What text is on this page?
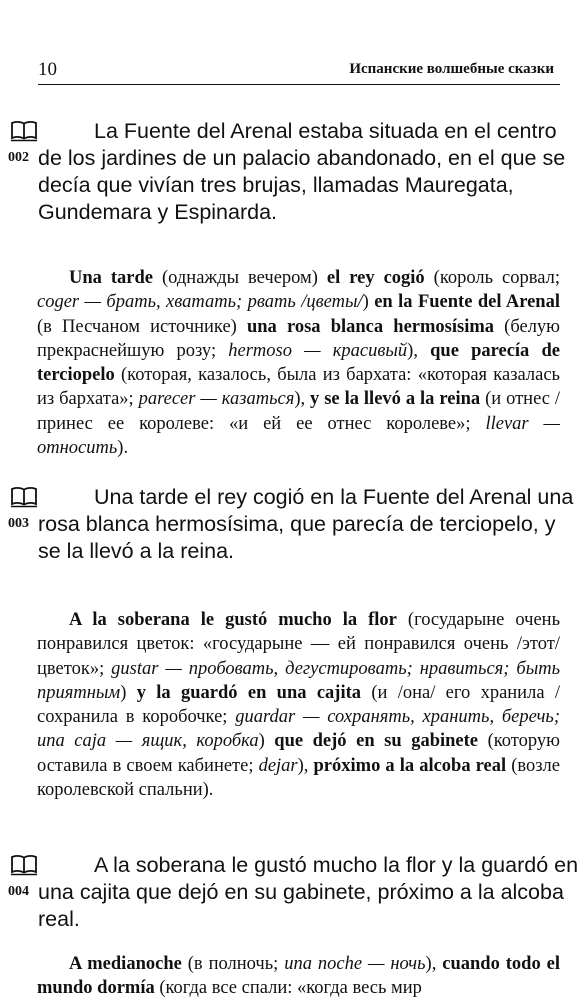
10	Испанские волшебные сказки
002

La Fuente del Arenal estaba situada en el centro de los jardines de un palacio abandonado, en el que se decía que vivían tres brujas, llamadas Mauregata, Gundemara y Espinarda.

Una tarde (однажды вечером) el rey cogió (король сорвал; coger — брать, хватать; рвать /цветы/) en la Fuente del Arenal (в Песчаном источнике) una rosa blanca hermosísima (белую прекраснейшую розу; hermoso — красивый), que parecía de terciopelo (которая, казалось, была из бархата: «которая казалась из бархата»; parecer — казаться), y se la llevó a la reina (и отнес / принес ее королеве: «и ей ее отнес королеве»; llevar — относить).

003

Una tarde el rey cogió en la Fuente del Arenal una rosa blanca hermosísima, que parecía de terciopelo, y se la llevó a la reina.

A la soberana le gustó mucho la flor (государыне очень понравился цветок: «государыне — ей понравился очень /этот/ цветок»; gustar — пробовать, дегустировать; нравиться; быть приятным) y la guardó en una cajita (и /она/ его хранила / сохранила в коробочке; guardar — сохранять, хранить, беречь; una caja — ящик, коробка) que dejó en su gabinete (которую оставила в своем кабинете; dejar), próximo a la alcoba real (возле королевской спальни).

004

A la soberana le gustó mucho la flor y la guardó en una cajita que dejó en su gabinete, próximo a la alcoba real.

A medianoche (в полночь; una noche — ночь), cuando todo el mundo dormía (когда все спали: «когда весь мир
